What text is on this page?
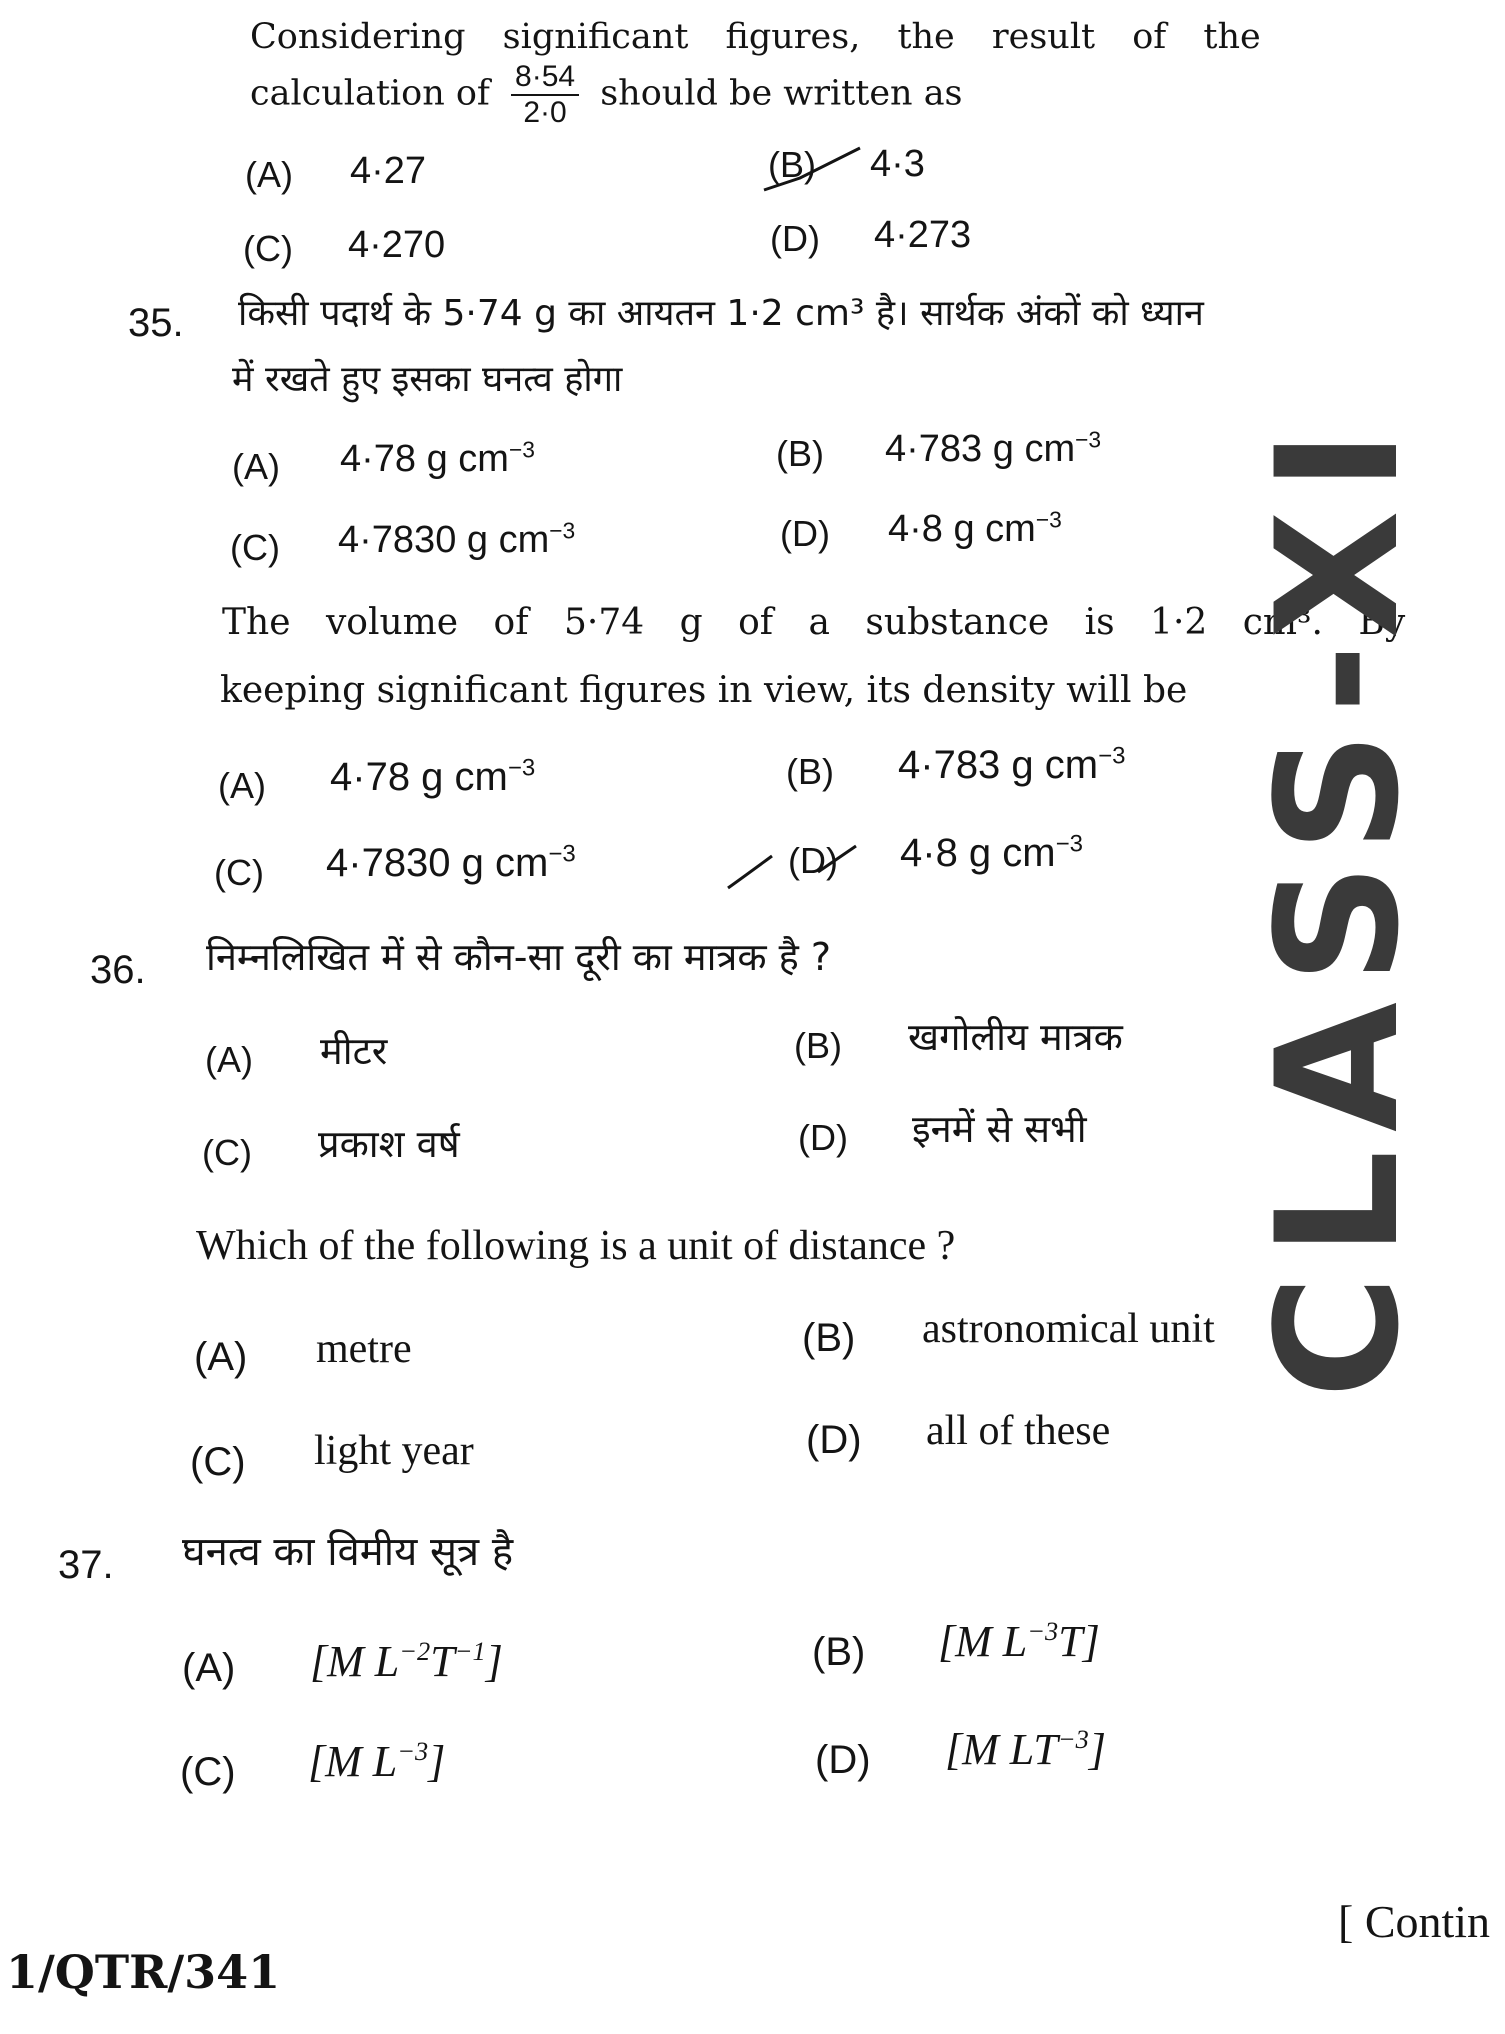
Considering significant figures, the result of the
calculation of $\frac{8\cdot 54}{2\cdot 0}$ should be written as
(A) 4·27	(B) 4·3
(C) 4·270	(D) 4·273
35. किसी पदार्थ के 5·74 g का आयतन 1·2 cm³ है। सार्थक अंकों को ध्यान
में रखते हुए इसका घनत्व होगा
(A) 4·78 g $cm^{-3}$	(B) 4·783 g $cm^{-3}$
(C) 4·7830 g $cm^{-3}$	(D) 4·8 g $cm^{-3}$
The volume of 5·74 g of a substance is 1·2 cm³. By
keeping significant figures in view, its density will be
(A) 4·78 g $cm^{-3}$	(B) 4·783 g $cm^{-3}$
(C) 4·7830 g $cm^{-3}$	(D) 4·8 g $cm^{-3}$
36. निम्नलिखित में से कौन-सा दूरी का मात्रक है ?
(A) मीटर	(B) खगोलीय मात्रक
(C) प्रकाश वर्ष	(D) इनमें से सभी
Which of the following is a unit of distance ?
(A) metre	(B) astronomical unit
(C) light year	(D) all of these
37. घनत्व का विमीय सूत्र है
(A) [M $L^{-2}T^{-1}$]	(B) [M $L^{-3}T$]
(C) [M $L^{-3}$]	(D) [M $LT^{-3}$]
CLASS-XI
[ Contin
1/QTR/341
